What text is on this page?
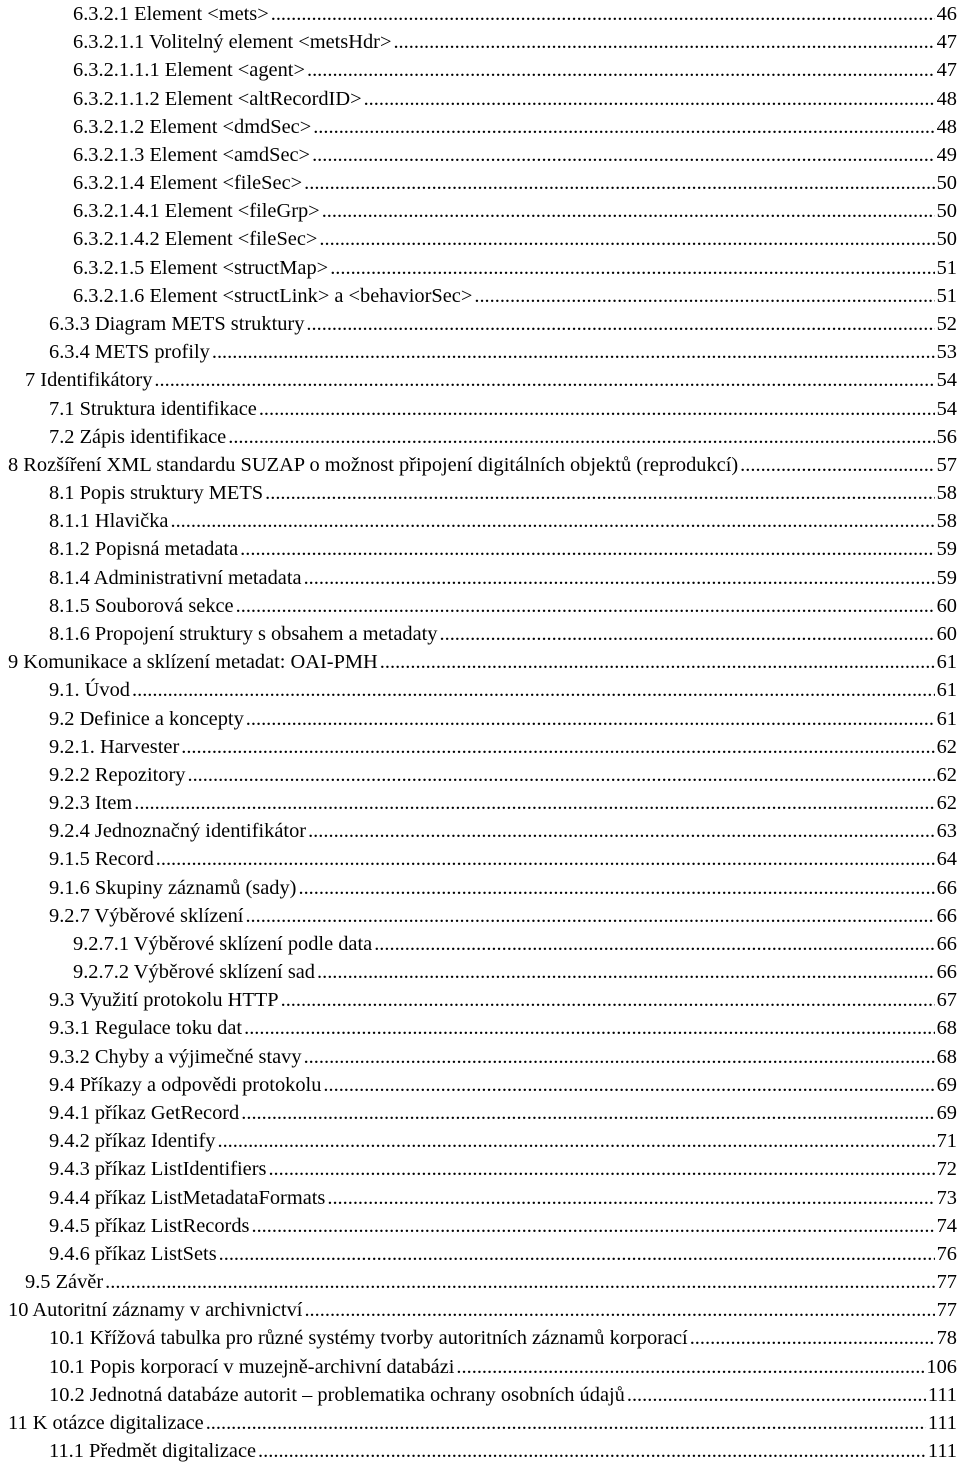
6.3.2.1 Element <mets> .....	46
6.3.2.1.1 Volitelný element <metsHdr> .....	47
6.3.2.1.1.1 Element <agent> .....	47
6.3.2.1.1.2 Element <altRecordID> .....	48
6.3.2.1.2 Element <dmdSec> .....	48
6.3.2.1.3 Element <amdSec> .....	49
6.3.2.1.4 Element <fileSec> .....	50
6.3.2.1.4.1 Element <fileGrp> .....	50
6.3.2.1.4.2 Element <fileSec> .....	50
6.3.2.1.5 Element <structMap> .....	51
6.3.2.1.6 Element <structLink> a <behaviorSec> .....	51
6.3.3 Diagram METS struktury .....	52
6.3.4 METS profily .....	53
7 Identifikátory .....	54
7.1 Struktura identifikace .....	54
7.2 Zápis identifikace .....	56
8 Rozšíření XML standardu SUZAP o možnost připojení digitálních objektů (reprodukcí) .....	57
8.1 Popis struktury METS .....	58
8.1.1 Hlavička .....	58
8.1.2 Popisná metadata .....	59
8.1.4 Administrativní metadata .....	59
8.1.5 Souborová sekce .....	60
8.1.6 Propojení struktury s obsahem a metadaty .....	60
9 Komunikace a sklízení metadat: OAI-PMH .....	61
9.1. Úvod .....	61
9.2 Definice a koncepty .....	61
9.2.1. Harvester .....	62
9.2.2 Repozitory .....	62
9.2.3 Item .....	62
9.2.4 Jednoznačný identifikátor .....	63
9.1.5 Record .....	64
9.1.6 Skupiny záznamů (sady) .....	66
9.2.7 Výběrové sklízení .....	66
9.2.7.1 Výběrové sklízení podle data .....	66
9.2.7.2 Výběrové sklízení sad .....	66
9.3 Využití protokolu HTTP .....	67
9.3.1 Regulace toku dat .....	68
9.3.2 Chyby a výjimečné stavy .....	68
9.4 Příkazy a odpovědi protokolu .....	69
9.4.1 příkaz GetRecord .....	69
9.4.2 příkaz Identify .....	71
9.4.3 příkaz ListIdentifiers .....	72
9.4.4 příkaz ListMetadataFormats .....	73
9.4.5 příkaz ListRecords .....	74
9.4.6 příkaz ListSets .....	76
9.5 Závěr .....	77
10 Autoritní záznamy v archivnictví .....	77
10.1 Křížová tabulka pro různé systémy tvorby autoritních záznamů korporací .....	78
10.1 Popis korporací v muzejně-archivní databázi .....	106
10.2 Jednotná databáze autorit – problematika ochrany osobních údajů .....	111
11 K otázce digitalizace .....	111
11.1 Předmět digitalizace .....	111
